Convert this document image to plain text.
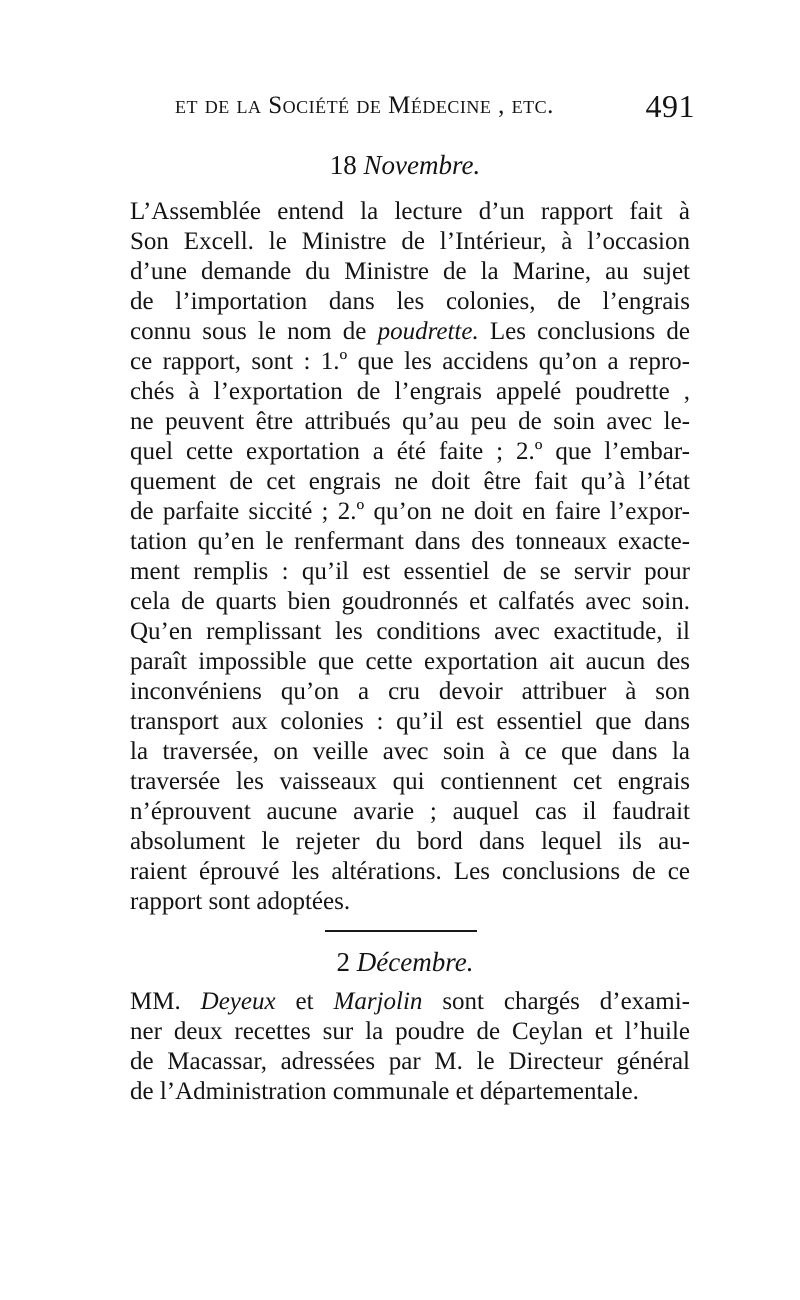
et de la Société de Médecine , etc.	491
18 Novembre.
L’Assemblée entend la lecture d’un rapport fait à
Son Excell. le Ministre de l’Intérieur, à l’occasion
d’une demande du Ministre de la Marine, au sujet
de l’importation dans les colonies, de l’engrais
connu sous le nom de poudrette. Les conclusions de
ce rapport, sont : 1.º que les accidens qu’on a repro-
chés à l’exportation de l’engrais appelé poudrette ,
ne peuvent être attribués qu’au peu de soin avec le-
quel cette exportation a été faite ; 2.º que l’embar-
quement de cet engrais ne doit être fait qu’à l’état
de parfaite siccité ; 2.º qu’on ne doit en faire l’expor-
tation qu’en le renfermant dans des tonneaux exacte-
ment remplis : qu’il est essentiel de se servir pour
cela de quarts bien goudronnés et calfatés avec soin.
Qu’en remplissant les conditions avec exactitude, il
paraît impossible que cette exportation ait aucun des
inconvéniens qu’on a cru devoir attribuer à son
transport aux colonies : qu’il est essentiel que dans
la traversée, on veille avec soin à ce que dans la
traversée les vaisseaux qui contiennent cet engrais
n’éprouvent aucune avarie ; auquel cas il faudrait
absolument le rejeter du bord dans lequel ils au-
raient éprouvé les altérations. Les conclusions de ce
rapport sont adoptées.
2 Décembre.
MM. Deyeux et Marjolin sont chargés d’exami-
ner deux recettes sur la poudre de Ceylan et l’huile
de Macassar, adressées par M. le Directeur général
de l’Administration communale et départementale.
